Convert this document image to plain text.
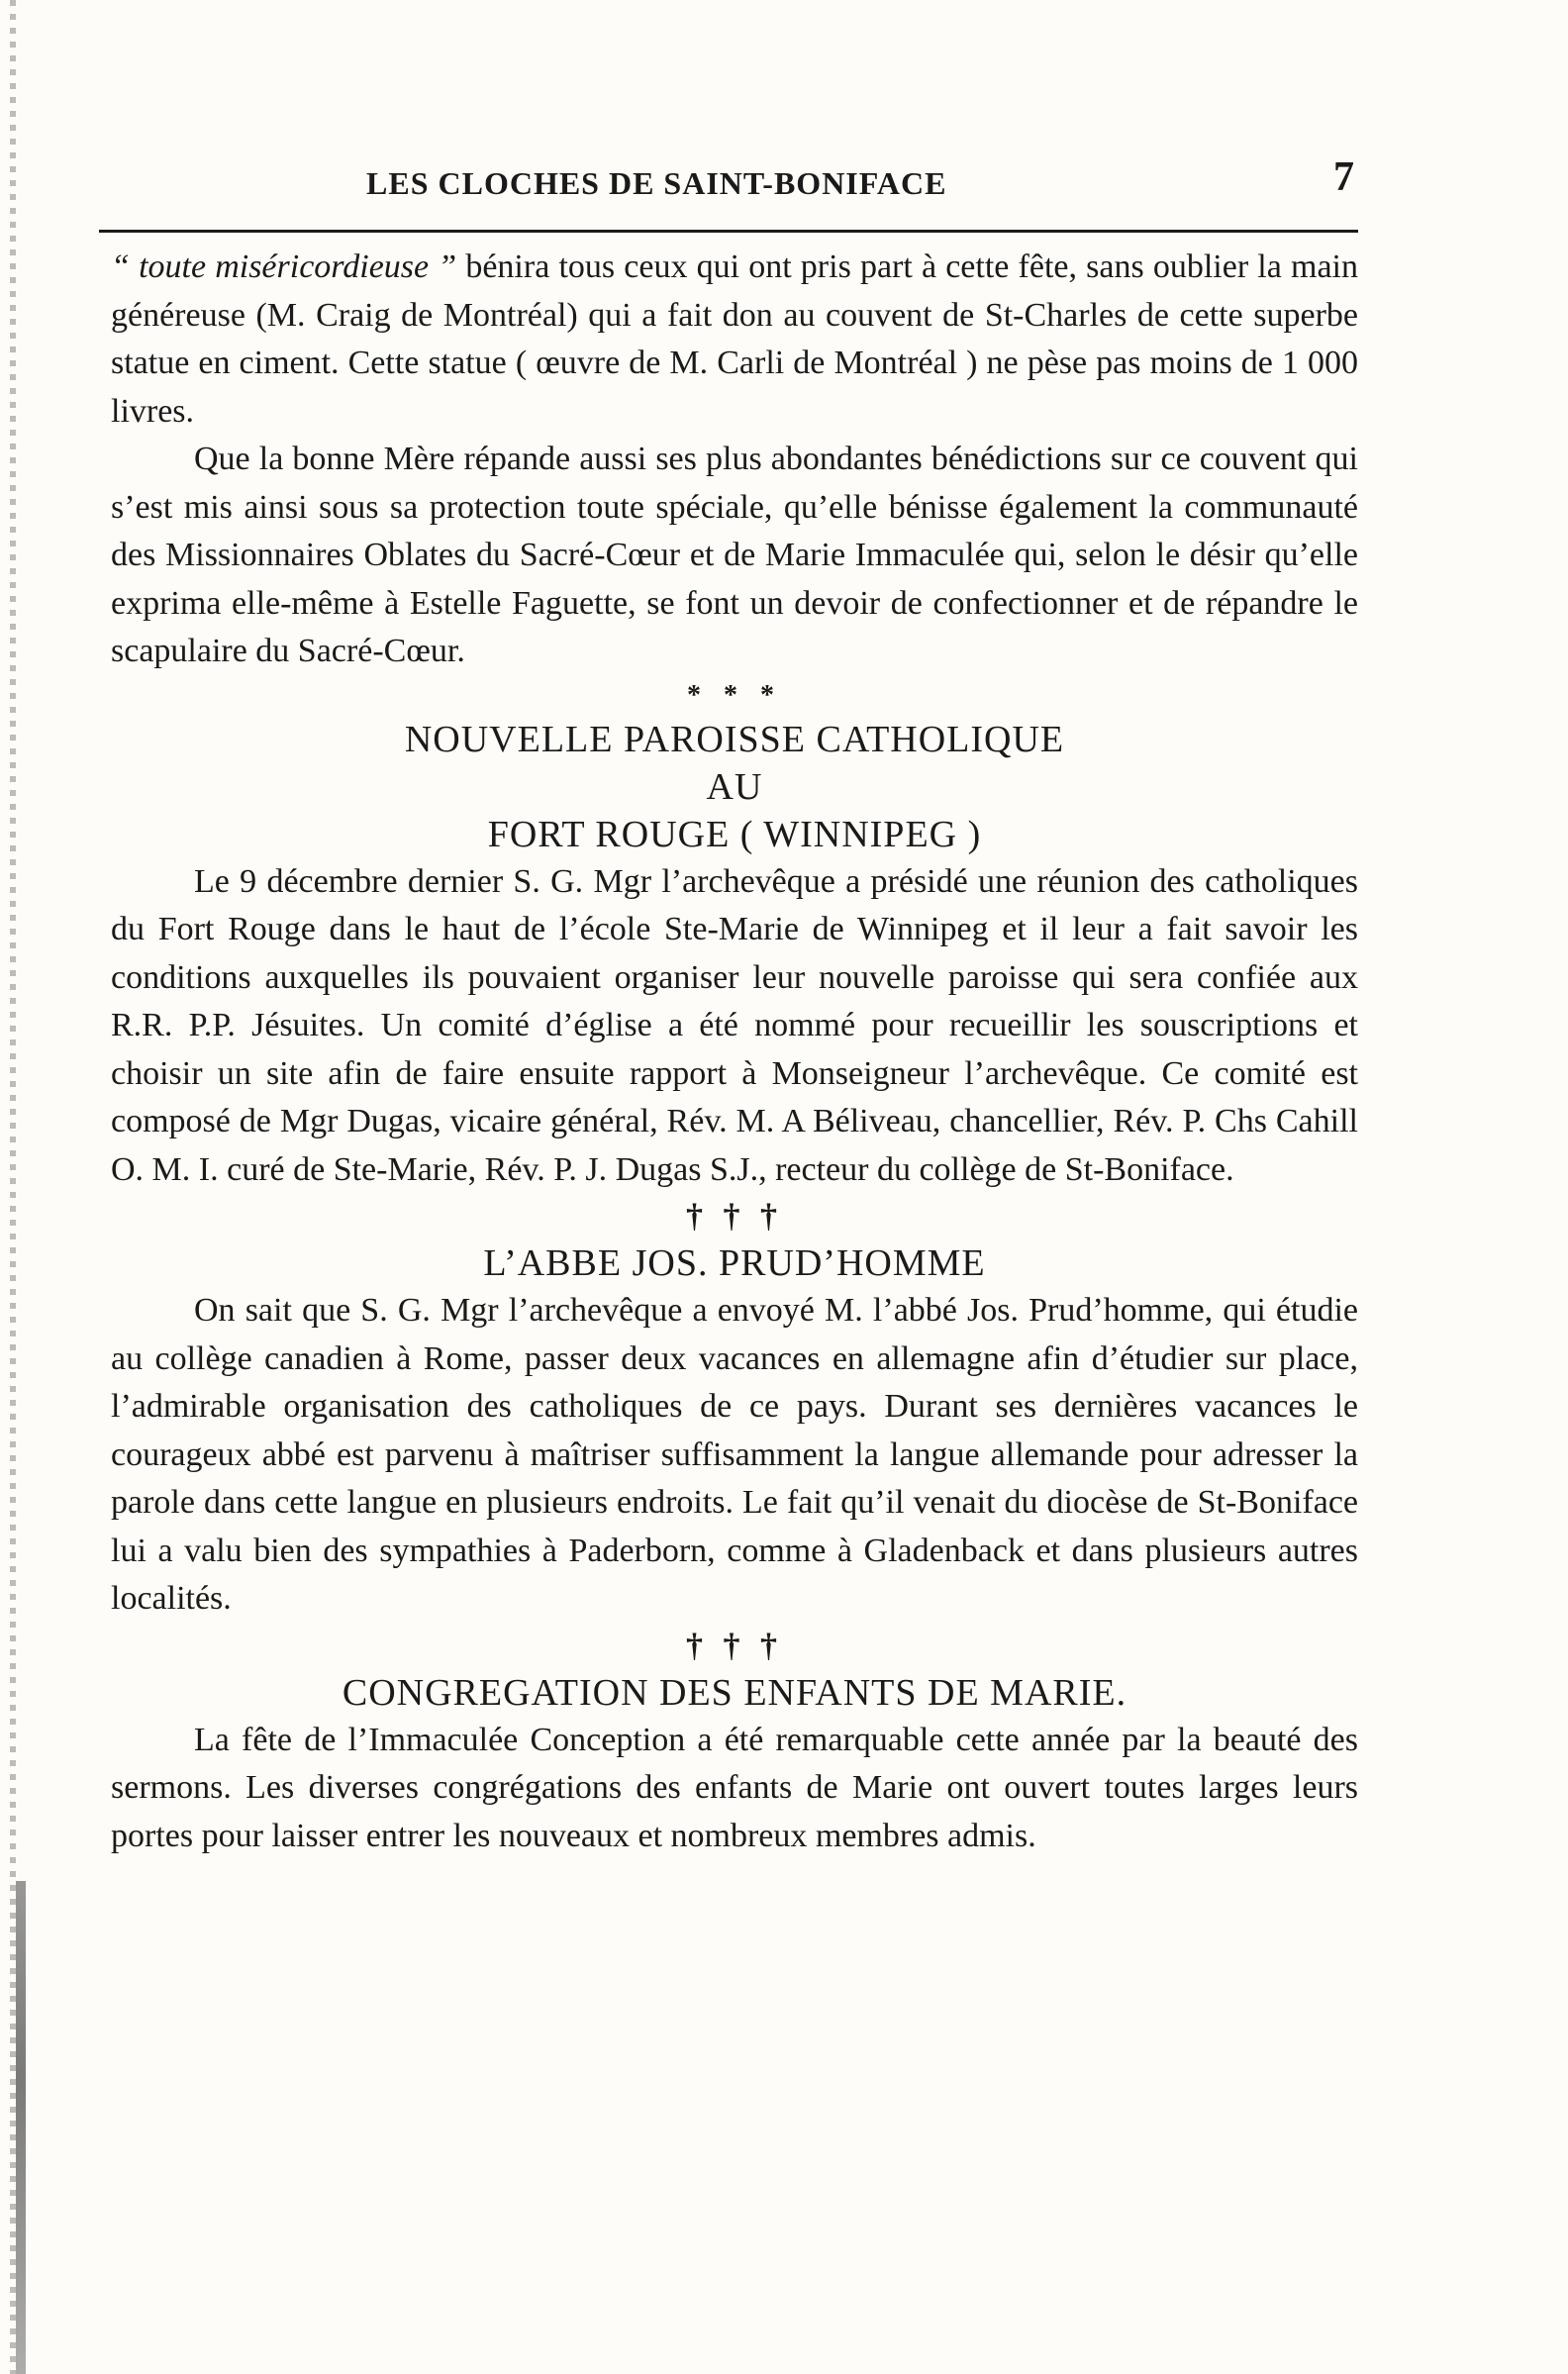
LES CLOCHES DE SAINT-BONIFACE	7

“ toute miséricordieuse ” bénira tous ceux qui ont pris part à cette fête, sans oublier la main généreuse (M. Craig de Montréal) qui a fait don au couvent de St-Charles de cette superbe statue en ciment. Cette statue ( œuvre de M. Carli de Montréal ) ne pèse pas moins de 1 000 livres.

Que la bonne Mère répande aussi ses plus abondantes bénédictions sur ce couvent qui s’est mis ainsi sous sa protection toute spéciale, qu’elle bénisse également la communauté des Missionnaires Oblates du Sacré-Cœur et de Marie Immaculée qui, selon le désir qu’elle exprima elle-même à Estelle Faguette, se font un devoir de confectionner et de répandre le scapulaire du Sacré-Cœur.

* * *

NOUVELLE PAROISSE CATHOLIQUE

AU

FORT ROUGE ( WINNIPEG )

Le 9 décembre dernier S. G. Mgr l’archevêque a présidé une réunion des catholiques du Fort Rouge dans le haut de l’école Ste-Marie de Winnipeg et il leur a fait savoir les conditions auxquelles ils pouvaient organiser leur nouvelle paroisse qui sera confiée aux R.R. P.P. Jésuites. Un comité d’église a été nommé pour recueillir les souscriptions et choisir un site afin de faire ensuite rapport à Monseigneur l’archevêque. Ce comité est composé de Mgr Dugas, vicaire général, Rév. M. A Béliveau, chancellier, Rév. P. Chs Cahill O. M. I. curé de Ste-Marie, Rév. P. J. Dugas S.J., recteur du collège de St-Boniface.

† † †

L’ABBE JOS. PRUD’HOMME

On sait que S. G. Mgr l’archevêque a envoyé M. l’abbé Jos. Prud’homme, qui étudie au collège canadien à Rome, passer deux vacances en allemagne afin d’étudier sur place, l’admirable organisation des catholiques de ce pays. Durant ses dernières vacances le courageux abbé est parvenu à maîtriser suffisamment la langue allemande pour adresser la parole dans cette langue en plusieurs endroits. Le fait qu’il venait du diocèse de St-Boniface lui a valu bien des sympathies à Paderborn, comme à Gladenback et dans plusieurs autres localités.

† † †

CONGREGATION DES ENFANTS DE MARIE.

La fête de l’Immaculée Conception a été remarquable cette année par la beauté des sermons. Les diverses congrégations des enfants de Marie ont ouvert toutes larges leurs portes pour laisser entrer les nouveaux et nombreux membres admis.
